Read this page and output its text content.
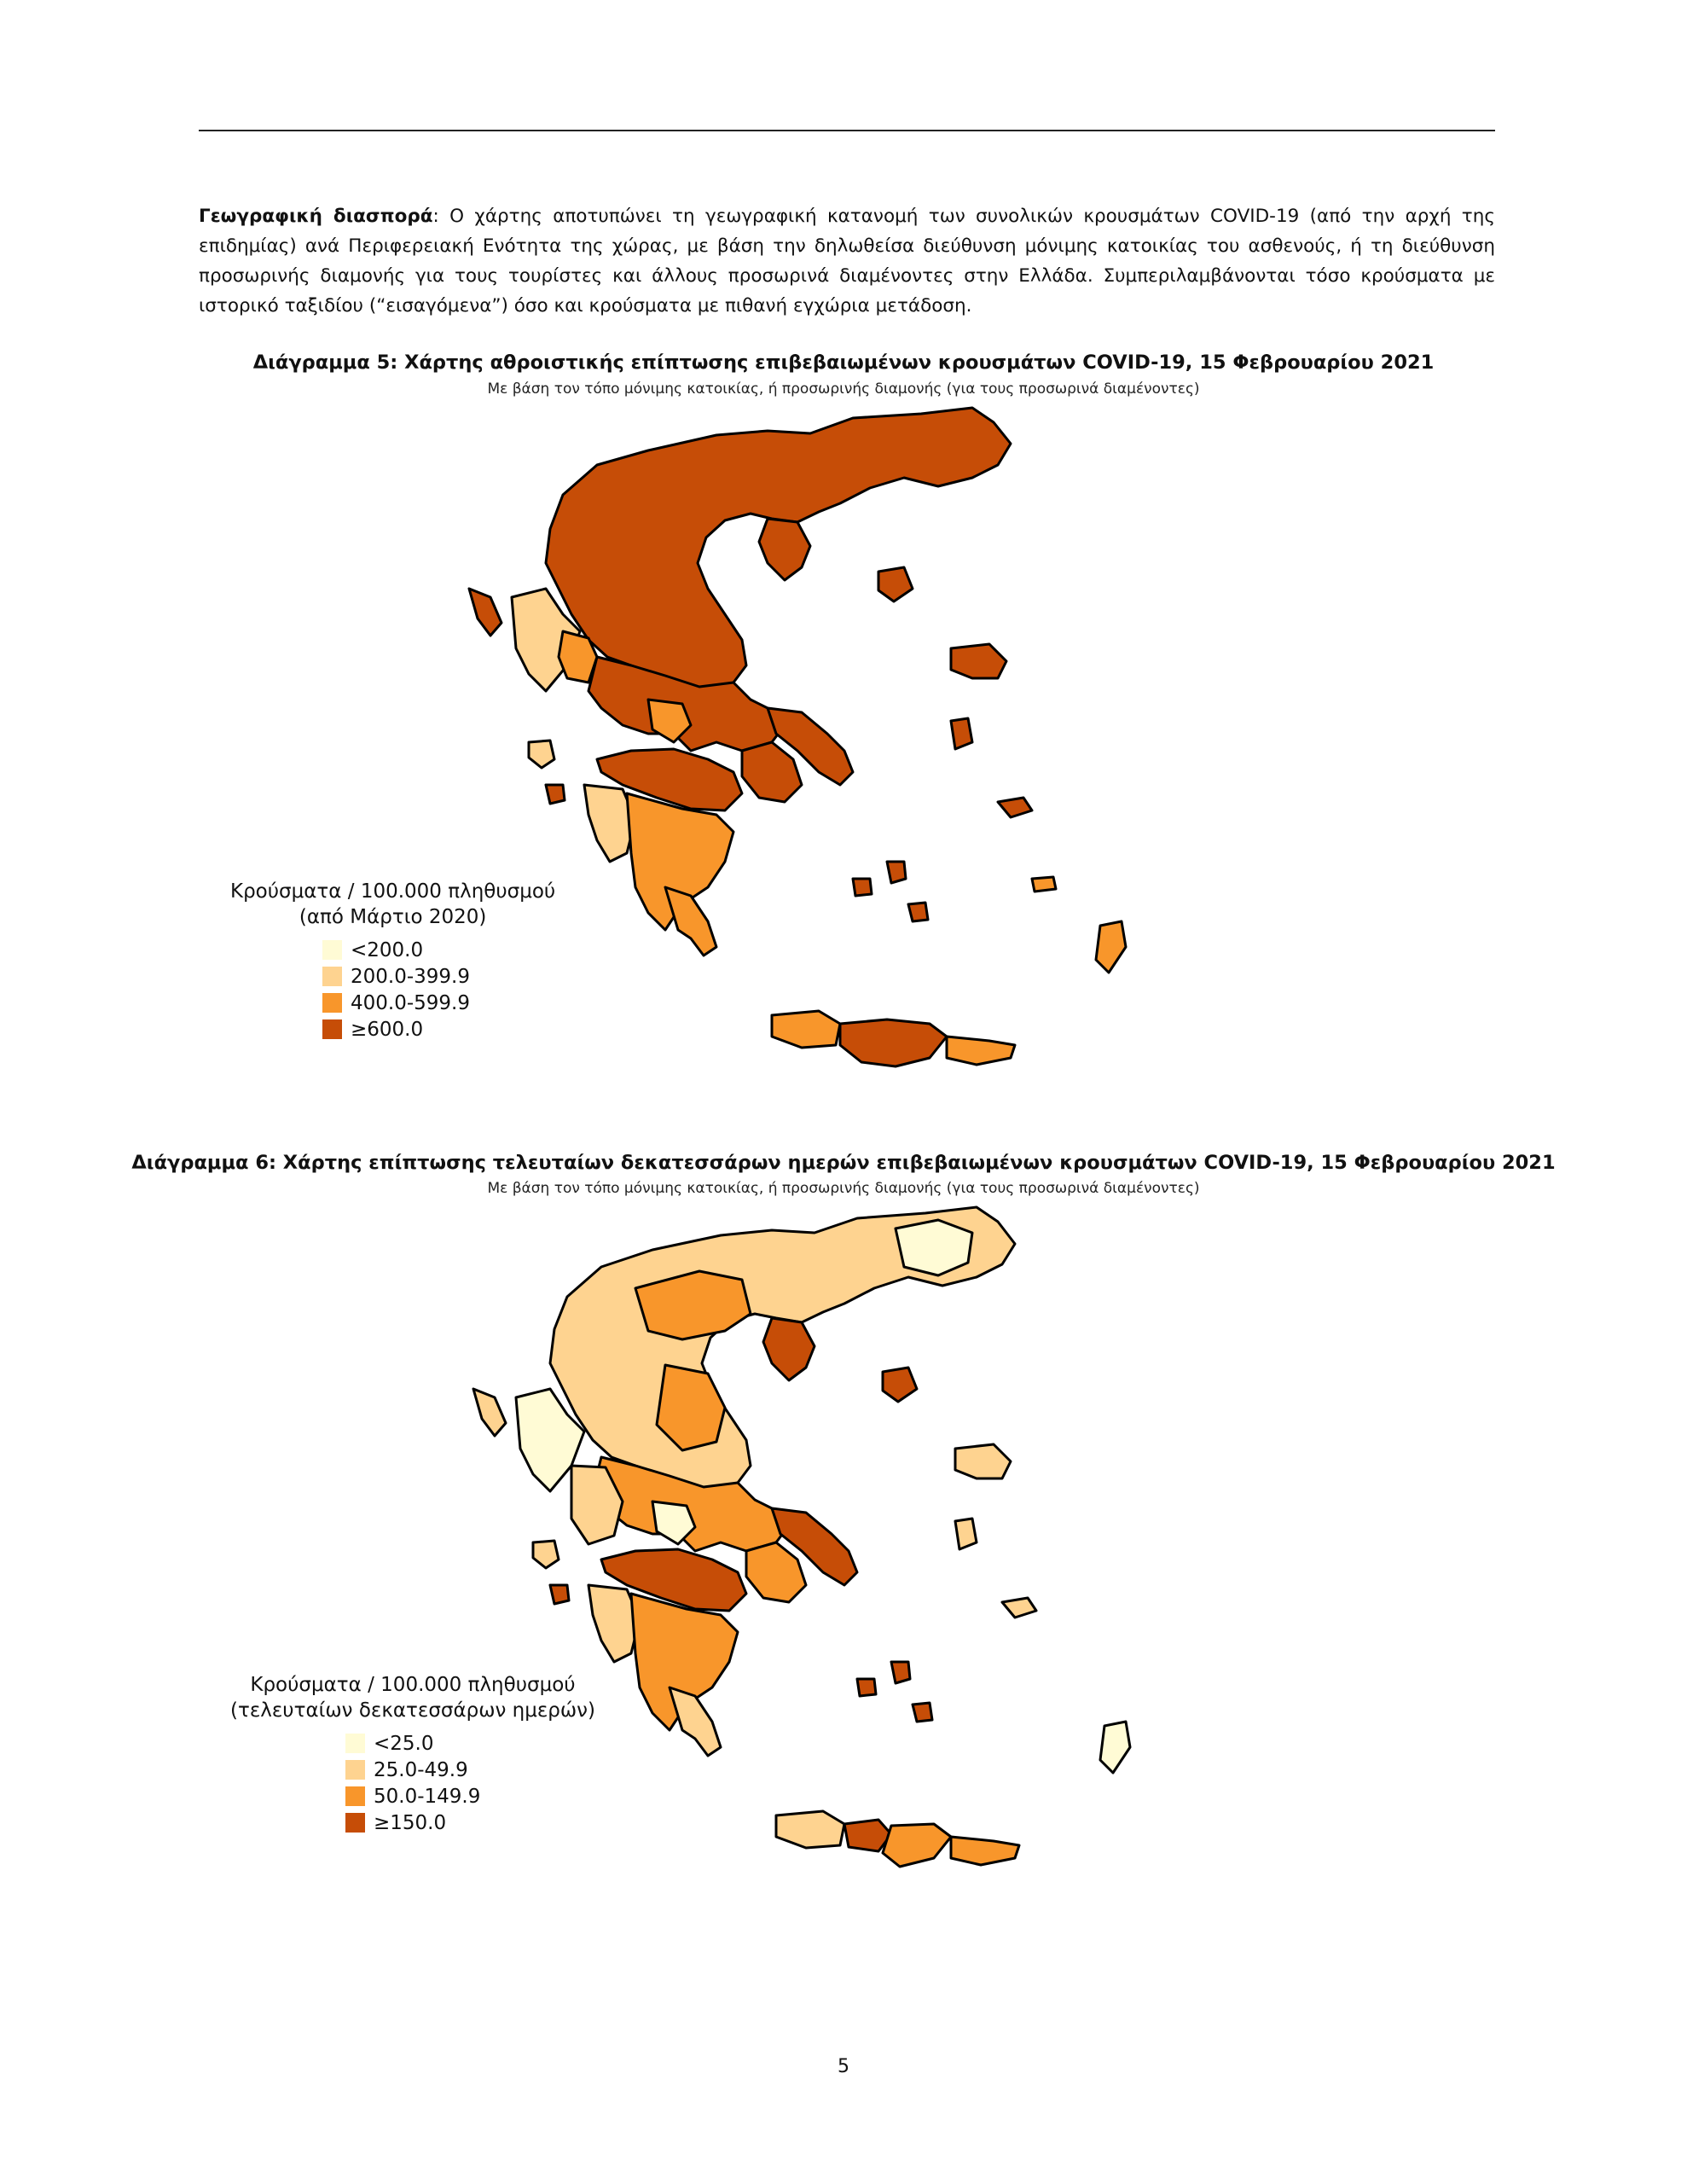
Γεωγραφική διασπορά: Ο χάρτης αποτυπώνει τη γεωγραφική κατανομή των συνολικών κρουσμάτων COVID-19 (από την αρχή της επιδημίας) ανά Περιφερειακή Ενότητα της χώρας, με βάση την δηλωθείσα διεύθυνση μόνιμης κατοικίας του ασθενούς, ή τη διεύθυνση προσωρινής διαμονής για τους τουρίστες και άλλους προσωρινά διαμένοντες στην Ελλάδα. Συμπεριλαμβάνονται τόσο κρούσματα με ιστορικό ταξιδίου (“εισαγόμενα”) όσο και κρούσματα με πιθανή εγχώρια μετάδοση.

Διάγραμμα 5: Χάρτης αθροιστικής επίπτωσης επιβεβαιωμένων κρουσμάτων COVID-19, 15 Φεβρουαρίου 2021
Με βάση τον τόπο μόνιμης κατοικίας, ή προσωρινής διαμονής (για τους προσωρινά διαμένοντες)
Κρούσματα / 100.000 πληθυσμού
(από Μάρτιο 2020)
<200.0
200.0-399.9
400.0-599.9
≥600.0
Διάγραμμα 6: Χάρτης επίπτωσης τελευταίων δεκατεσσάρων ημερών επιβεβαιωμένων κρουσμάτων COVID-19, 15 Φεβρουαρίου 2021
Με βάση τον τόπο μόνιμης κατοικίας, ή προσωρινής διαμονής (για τους προσωρινά διαμένοντες)
Κρούσματα / 100.000 πληθυσμού
(τελευταίων δεκατεσσάρων ημερών)
<25.0
25.0-49.9
50.0-149.9
≥150.0
5
